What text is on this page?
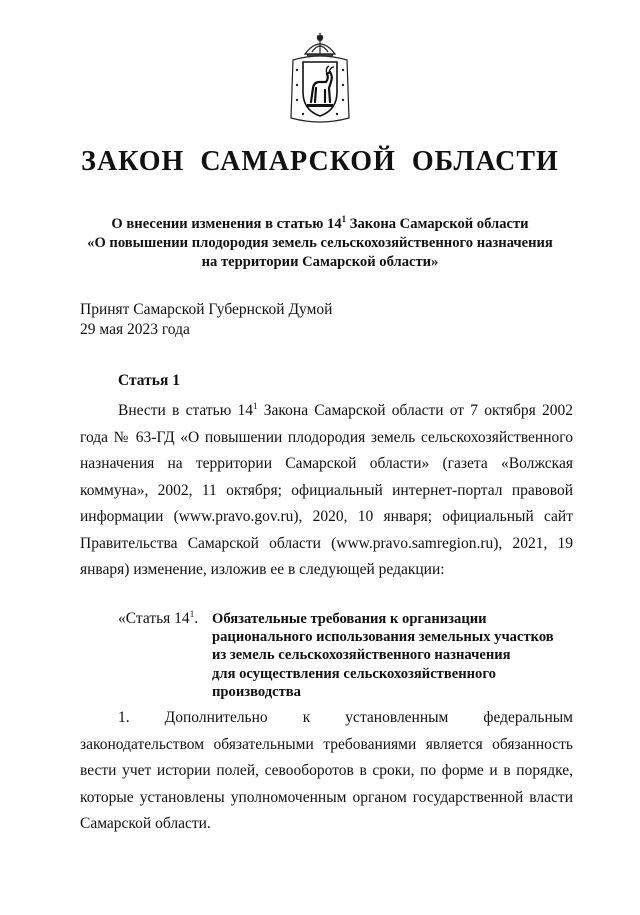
ЗАКОН САМАРСКОЙ ОБЛАСТИ
О внесении изменения в статью $14^1$ Закона Самарской области
«О повышении плодородия земель сельскохозяйственного назначения
на территории Самарской области»
Принят Самарской Губернской Думой
29 мая 2023 года
Статья 1
Внести в статью $14^1$ Закона Самарской области от 7 октября 2002 года № 63-ГД «О повышении плодородия земель сельскохозяйственного назначения на территории Самарской области» (газета «Волжская коммуна», 2002, 11 октября; официальный интернет-портал правовой информации (www.pravo.gov.ru), 2020, 10 января; официальный сайт Правительства Самарской области (www.pravo.samregion.ru), 2021, 19 января) изменение, изложив ее в следующей редакции:
«Статья $14^1$. Обязательные требования к организации
рационального использования земельных участков
из земель сельскохозяйственного назначения
для осуществления сельскохозяйственного
производства
1. Дополнительно к установленным федеральным законодательством обязательными требованиями является обязанность вести учет истории полей, севооборотов в сроки, по форме и в порядке, которые установлены уполномоченным органом государственной власти Самарской области.
